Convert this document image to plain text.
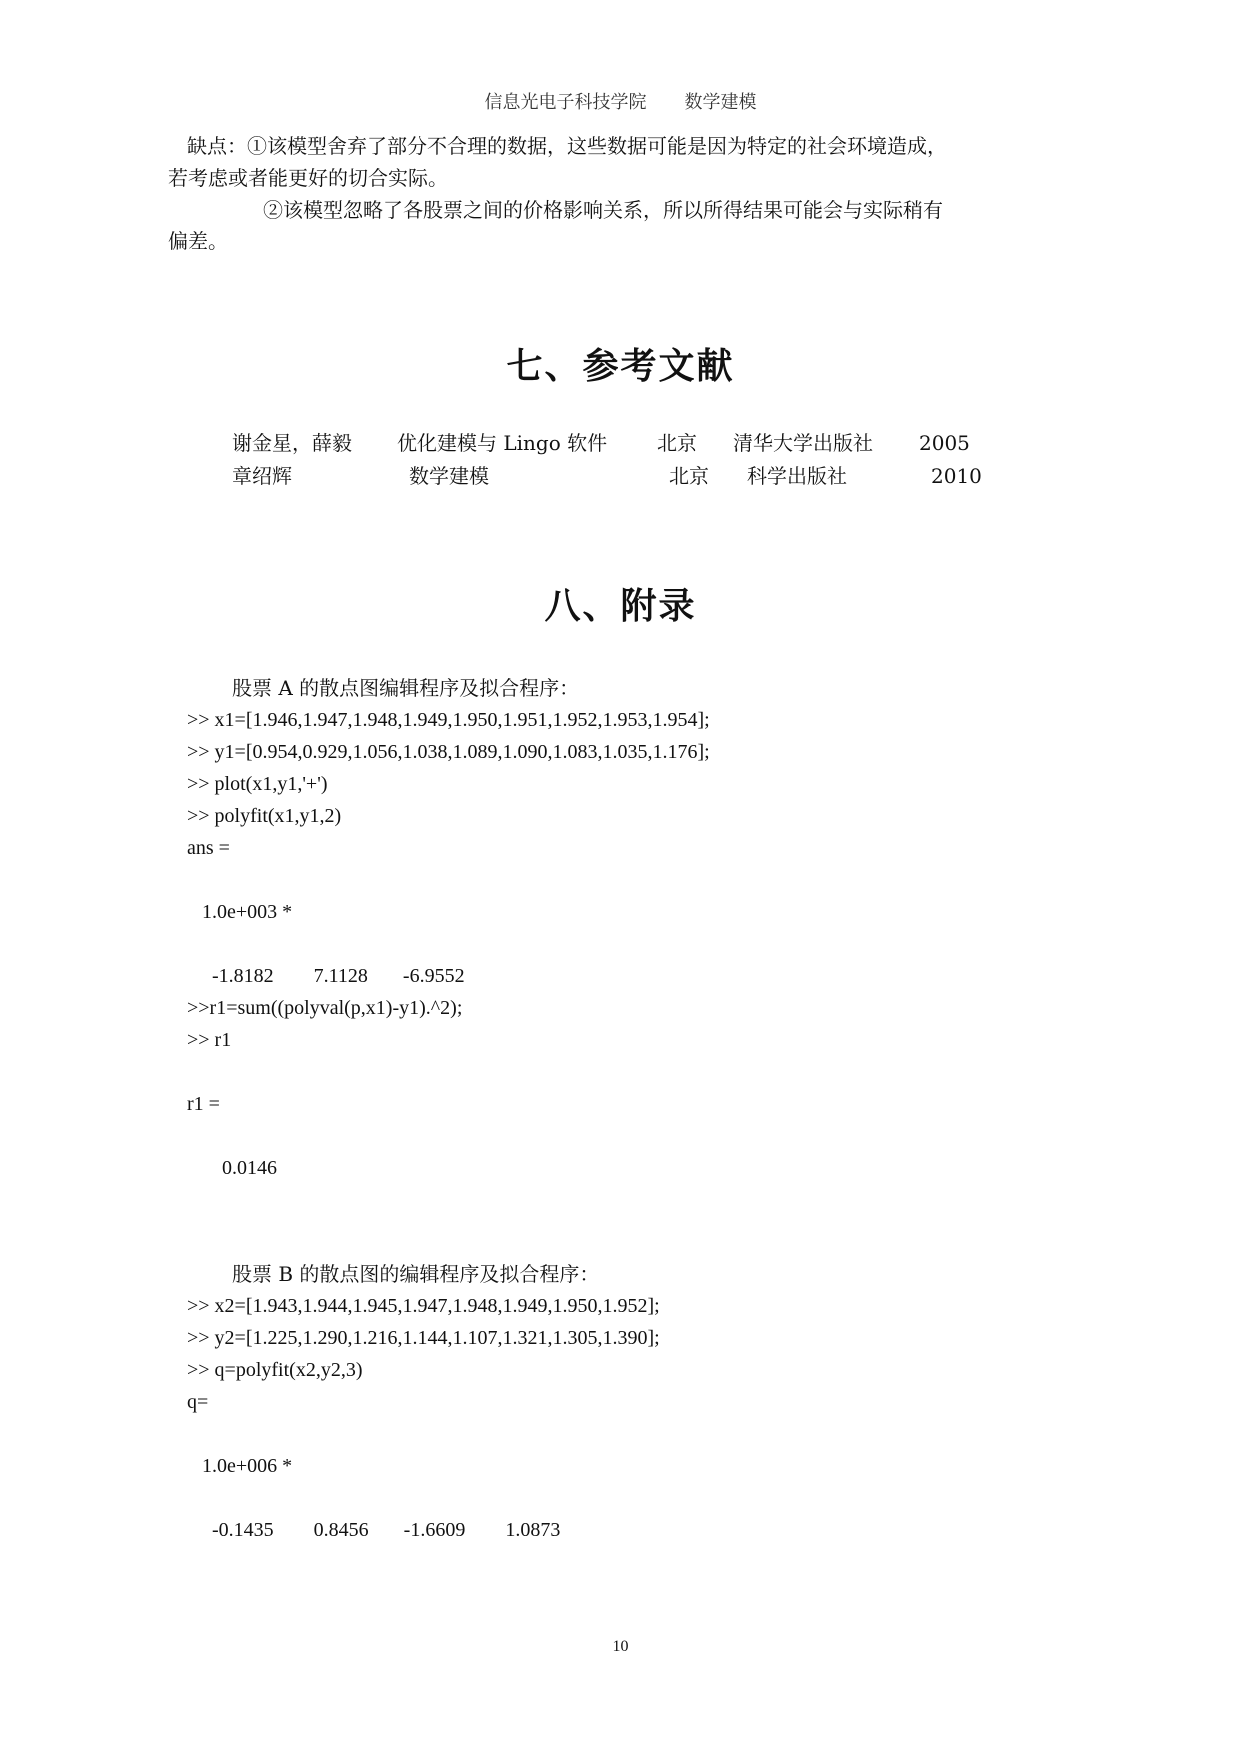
信息光电子科技学院 数学建模
缺点：①该模型舍弃了部分不合理的数据，这些数据可能是因为特定的社会环境造成，
若考虑或者能更好的切合实际。
②该模型忽略了各股票之间的价格影响关系，所以所得结果可能会与实际稍有
偏差。
七、参考文献
谢金星，薛毅 优化建模与 Lingo 软件 北京 清华大学出版社 2005
章绍辉	数学建模	北京 科学出版社	2010
八、附录
股票 A 的散点图编辑程序及拟合程序：
>> x1=[1.946,1.947,1.948,1.949,1.950,1.951,1.952,1.953,1.954];
>> y1=[0.954,0.929,1.056,1.038,1.089,1.090,1.083,1.035,1.176];
>> plot(x1,y1,'+')
>> polyfit(x1,y1,2)
ans =
1.0e+003 *
-1.8182        7.1128       -6.9552
>>r1=sum((polyval(p,x1)-y1).^2);
>> r1
r1 =
0.0146
股票 B 的散点图的编辑程序及拟合程序：
>> x2=[1.943,1.944,1.945,1.947,1.948,1.949,1.950,1.952];
>> y2=[1.225,1.290,1.216,1.144,1.107,1.321,1.305,1.390];
>> q=polyfit(x2,y2,3)
q=
1.0e+006 *
-0.1435        0.8456       -1.6609        1.0873
10
